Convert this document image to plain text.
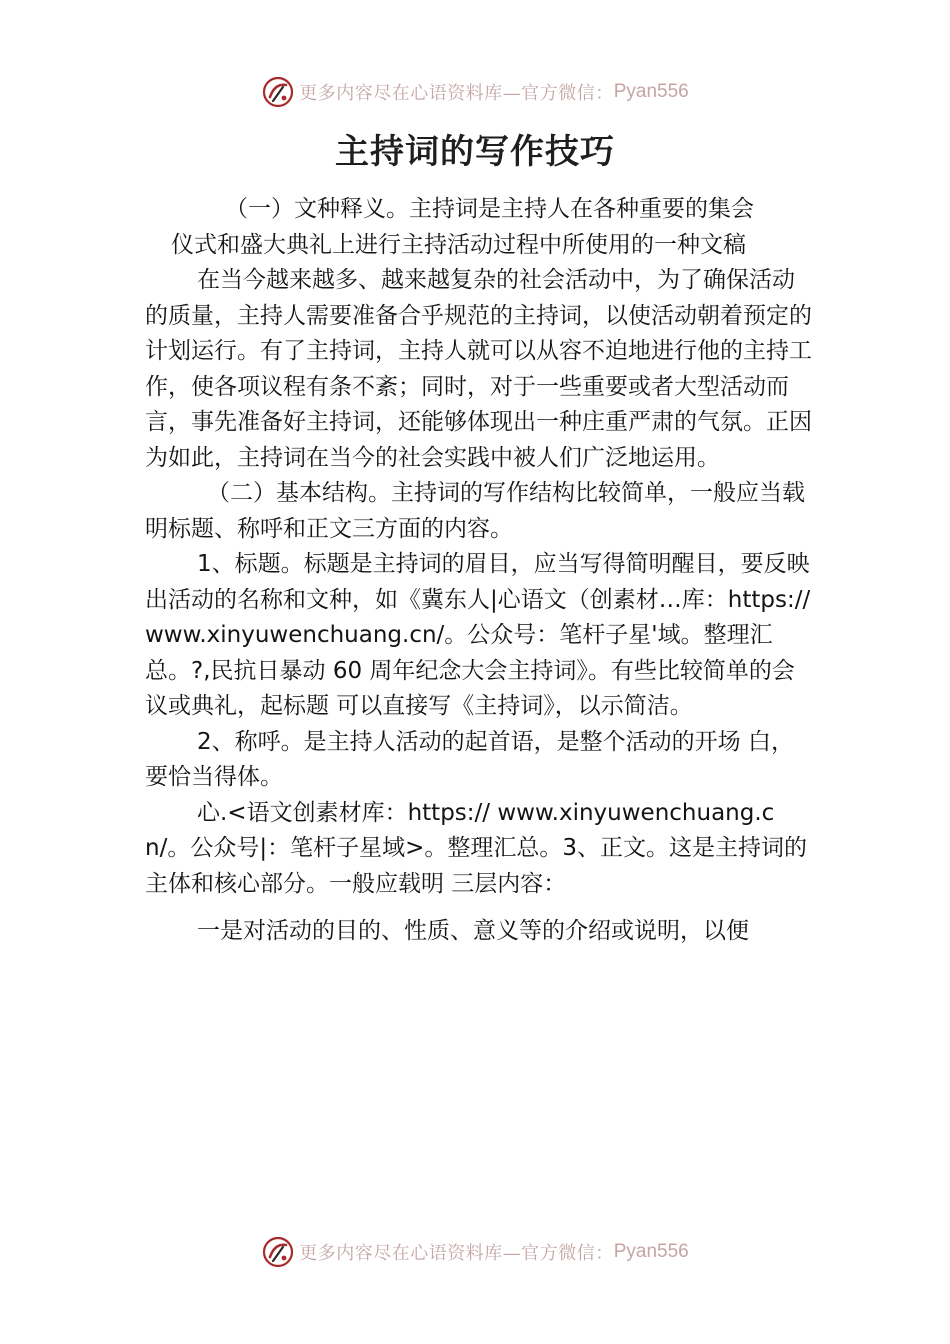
更多内容尽在心语资料库—官方微信： Pyan556
主持词的写作技巧

（一）文种释义。主持词是主持人在各种重要的集会

仪式和盛大典礼上进行主持活动过程中所使用的一种文稿

在当今越来越多、越来越复杂的社会活动中，为了确保活动的质量，主持人需要准备合乎规范的主持词，以使活动朝着预定的计划运行。有了主持词，主持人就可以从容不迫地进行他的主持工作，使各项议程有条不紊；同时，对于一些重要或者大型活动而言，事先准备好主持词，还能够体现出一种庄重严肃的气氛。正因为如此，主持词在当今的社会实践中被人们广泛地运用。

（二）基本结构。主持词的写作结构比较简单，一般应当载明标题、称呼和正文三方面的内容。

1、标题。标题是主持词的眉目，应当写得简明醒目，要反映出活动的名称和文种，如《冀东人|心语文（创素材…库：https://www.xinyuwenchuang.cn/。公众号：笔杆子星'域。整理汇总。?,民抗日暴动 60 周年纪念大会主持词》。有些比较简单的会议或典礼，起标题 可以直接写《主持词》，以示简洁。

2、称呼。是主持人活动的起首语，是整个活动的开场 白，要恰当得体。

心.<语文创素材库：https:// www.xinyuwenchuang.cn/。公众号|：笔杆子星域>。整理汇总。3、正文。这是主持词的主体和核心部分。一般应载明 三层内容：

一是对活动的目的、性质、意义等的介绍或说明，以便

更多内容尽在心语资料库—官方微信： Pyan556
